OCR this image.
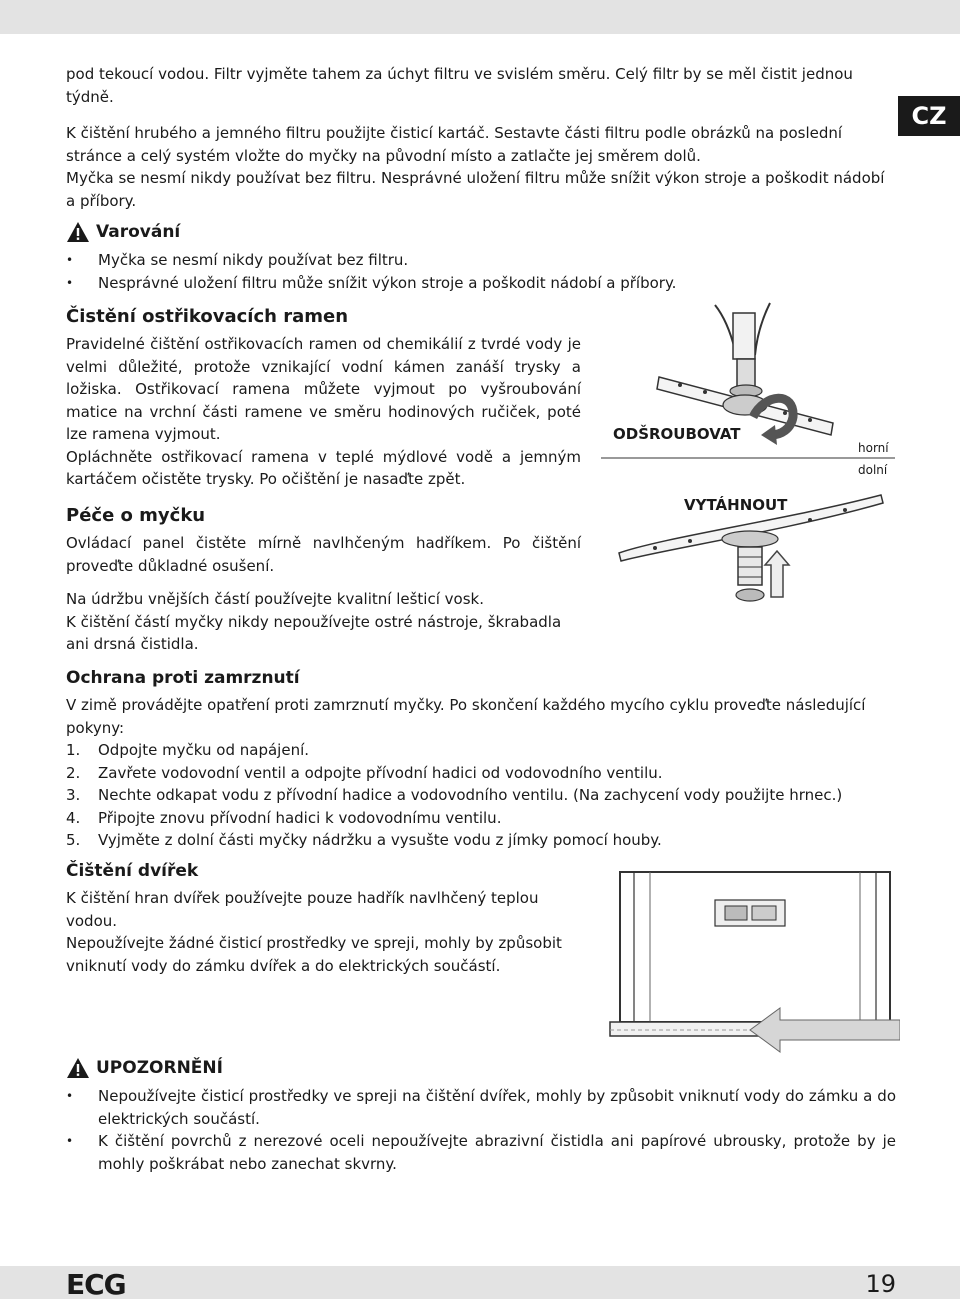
CZ

pod tekoucí vodou. Filtr vyjměte tahem za úchyt filtru ve svislém směru. Celý filtr by se měl čistit jednou týdně.

K čištění hrubého a jemného filtru použijte čisticí kartáč. Sestavte části filtru podle obrázků na poslední stránce a celý systém vložte do myčky na původní místo a zatlačte jej směrem dolů.

Myčka se nesmí nikdy používat bez filtru. Nesprávné uložení filtru může snížit výkon stroje a poškodit nádobí a příbory.

Varování
• Myčka se nesmí nikdy používat bez filtru.
• Nesprávné uložení filtru může snížit výkon stroje a poškodit nádobí a příbory.
Čistění ostřikovacích ramen

Pravidelné čištění ostřikovacích ramen od chemikálií z tvrdé vody je velmi důležité, protože vznikající vodní kámen zanáší trysky a ložiska. Ostřikovací ramena můžete vyjmout po vyšroubování matice na vrchní části ramene ve směru hodinových ručiček, poté lze ramena vyjmout.

Opláchněte ostřikovací ramena v teplé mýdlové vodě a jemným kartáčem očistěte trysky. Po očištění je nasaďte zpět.

ODŠROUBOVAT
VYTÁHNOUT
horní
dolní
Péče o myčku

Ovládací panel čistěte mírně navlhčeným hadříkem. Po čištění proveďte důkladné osušení.

Na údržbu vnějších částí používejte kvalitní lešticí vosk.

K čištění částí myčky nikdy nepoužívejte ostré nástroje, škrabadla ani drsná čistidla.

Ochrana proti zamrznutí

V zimě provádějte opatření proti zamrznutí myčky. Po skončení každého mycího cyklu proveďte následující pokyny:

1. Odpojte myčku od napájení.
2. Zavřete vodovodní ventil a odpojte přívodní hadici od vodovodního ventilu.
3. Nechte odkapat vodu z přívodní hadice a vodovodního ventilu. (Na zachycení vody použijte hrnec.)
4. Připojte znovu přívodní hadici k vodovodnímu ventilu.
5. Vyjměte z dolní části myčky nádržku a vysušte vodu z jímky pomocí houby.
Čištění dvířek

K čištění hran dvířek používejte pouze hadřík navlhčený teplou vodou.

Nepoužívejte žádné čisticí prostředky ve spreji, mohly by způsobit vniknutí vody do zámku dvířek a do elektrických součástí.

UPOZORNĚNÍ
• Nepoužívejte čisticí prostředky ve spreji na čištění dvířek, mohly by způsobit vniknutí vody do zámku a do elektrických součástí.
• K čištění povrchů z nerezové oceli nepoužívejte abrazivní čistidla ani papírové ubrousky, protože by je mohly poškrábat nebo zanechat skvrny.
ECG	19
